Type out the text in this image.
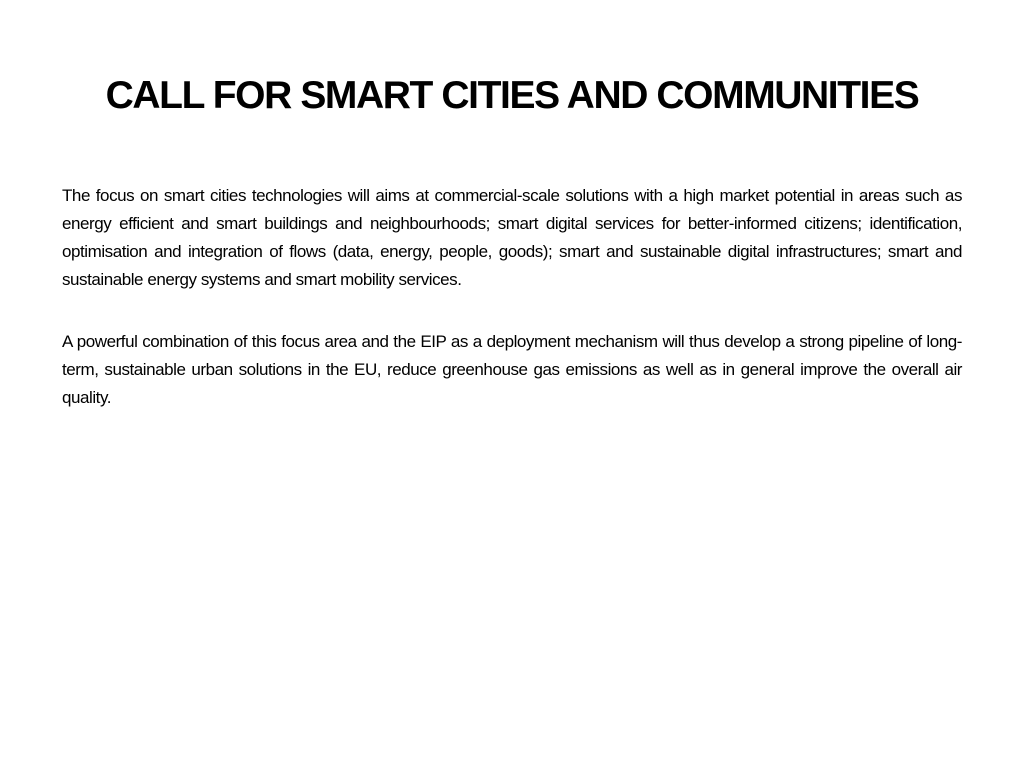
CALL FOR SMART CITIES AND COMMUNITIES

The focus on smart cities technologies will aims at commercial-scale solutions with a high market potential in areas such as energy efficient and smart buildings and neighbourhoods; smart digital services for better-informed citizens; identification, optimisation and integration of flows (data, energy, people, goods); smart and sustainable digital infrastructures; smart and sustainable energy systems and smart mobility services.

A powerful combination of this focus area and the EIP as a deployment mechanism will thus develop a strong pipeline of long-term, sustainable urban solutions in the EU, reduce greenhouse gas emissions as well as in general improve the overall air quality.
